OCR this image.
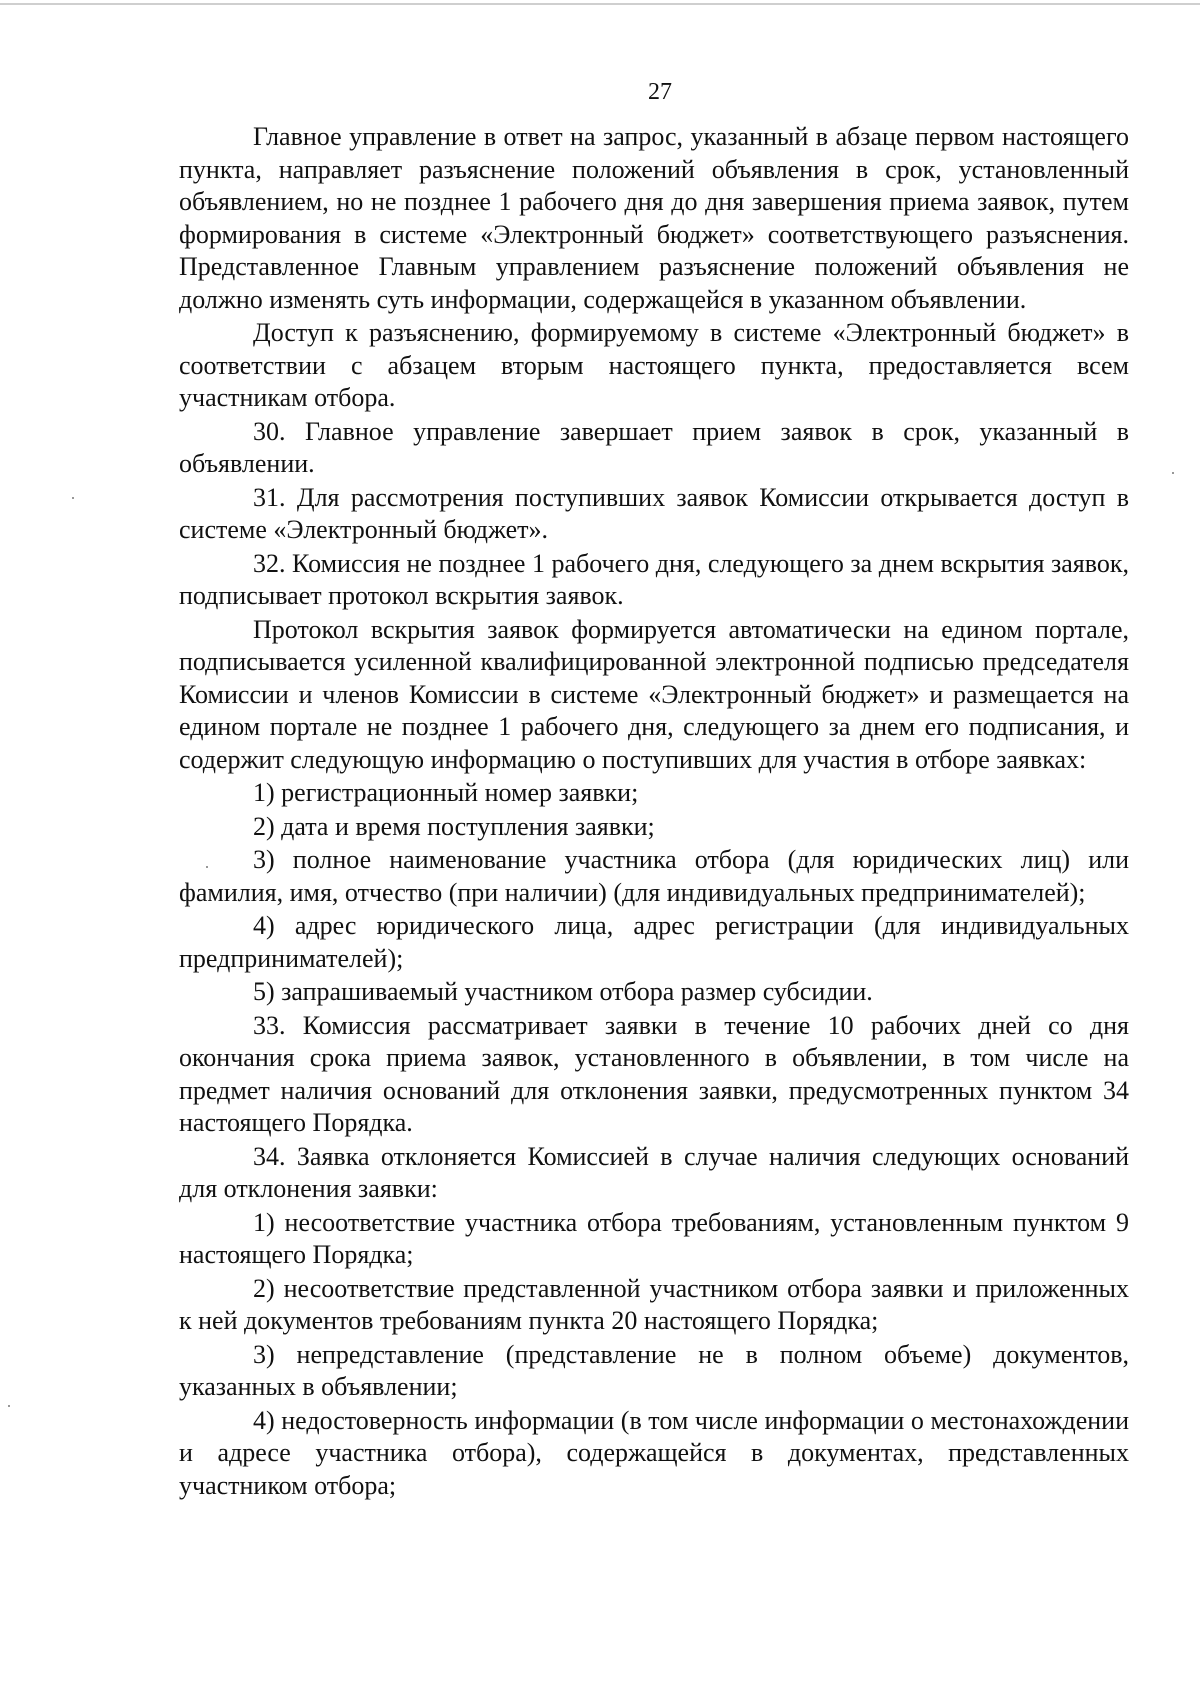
27

Главное управление в ответ на запрос, указанный в абзаце первом настоящего пункта, направляет разъяснение положений объявления в срок, установленный объявлением, но не позднее 1 рабочего дня до дня завершения приема заявок, путем формирования в системе «Электронный бюджет» соответствующего разъяснения. Представленное Главным управлением разъяснение положений объявления не должно изменять суть информации, содержащейся в указанном объявлении.

Доступ к разъяснению, формируемому в системе «Электронный бюджет» в соответствии с абзацем вторым настоящего пункта, предоставляется всем участникам отбора.

30. Главное управление завершает прием заявок в срок, указанный в объявлении.

31. Для рассмотрения поступивших заявок Комиссии открывается доступ в системе «Электронный бюджет».

32. Комиссия не позднее 1 рабочего дня, следующего за днем вскрытия заявок, подписывает протокол вскрытия заявок.

Протокол вскрытия заявок формируется автоматически на едином портале, подписывается усиленной квалифицированной электронной подписью председателя Комиссии и членов Комиссии в системе «Электронный бюджет» и размещается на едином портале не позднее 1 рабочего дня, следующего за днем его подписания, и содержит следующую информацию о поступивших для участия в отборе заявках:

1) регистрационный номер заявки;

2) дата и время поступления заявки;

3) полное наименование участника отбора (для юридических лиц) или фамилия, имя, отчество (при наличии) (для индивидуальных предпринимателей);

4) адрес юридического лица, адрес регистрации (для индивидуальных предпринимателей);

5) запрашиваемый участником отбора размер субсидии.

33. Комиссия рассматривает заявки в течение 10 рабочих дней со дня окончания срока приема заявок, установленного в объявлении, в том числе на предмет наличия оснований для отклонения заявки, предусмотренных пунктом 34 настоящего Порядка.

34. Заявка отклоняется Комиссией в случае наличия следующих оснований для отклонения заявки:

1) несоответствие участника отбора требованиям, установленным пунктом 9 настоящего Порядка;

2) несоответствие представленной участником отбора заявки и приложенных к ней документов требованиям пункта 20 настоящего Порядка;

3) непредставление (представление не в полном объеме) документов, указанных в объявлении;

4) недостоверность информации (в том числе информации о местонахождении и адресе участника отбора), содержащейся в документах, представленных участником отбора;
